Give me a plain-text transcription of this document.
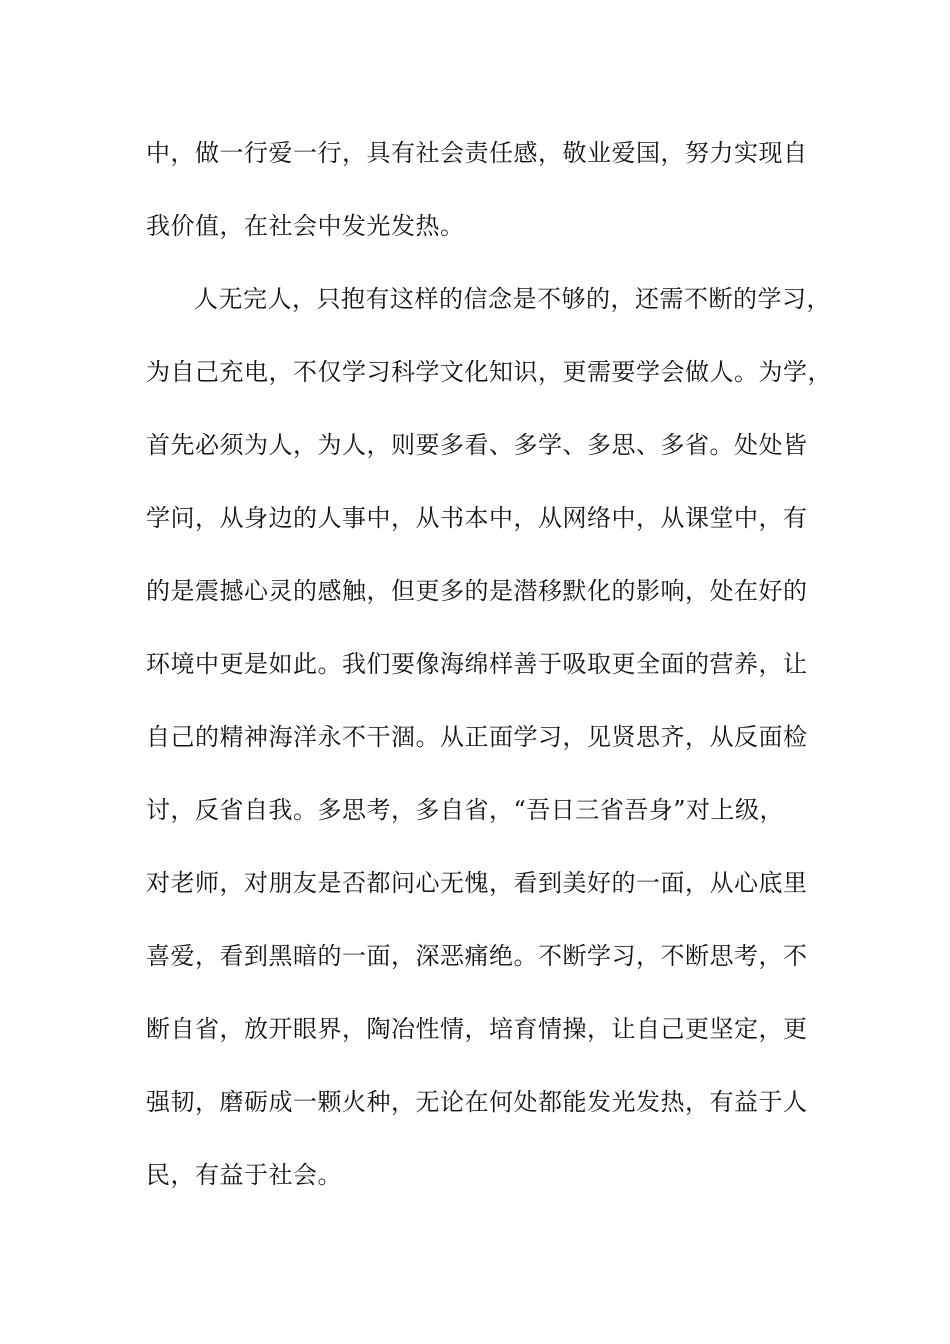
中，做一行爱一行，具有社会责任感，敬业爱国，努力实现自
我价值，在社会中发光发热。
人无完人，只抱有这样的信念是不够的，还需不断的学习，
为自己充电，不仅学习科学文化知识，更需要学会做人。为学，
首先必须为人，为人，则要多看、多学、多思、多省。处处皆
学问，从身边的人事中，从书本中，从网络中，从课堂中，有
的是震撼心灵的感触，但更多的是潜移默化的影响，处在好的
环境中更是如此。我们要像海绵样善于吸取更全面的营养，让
自己的精神海洋永不干涸。从正面学习，见贤思齐，从反面检
讨，反省自我。多思考，多自省，“吾日三省吾身”对上级，
对老师，对朋友是否都问心无愧，看到美好的一面，从心底里
喜爱，看到黑暗的一面，深恶痛绝。不断学习，不断思考，不
断自省，放开眼界，陶冶性情，培育情操，让自己更坚定，更
强韧，磨砺成一颗火种，无论在何处都能发光发热，有益于人
民，有益于社会。
